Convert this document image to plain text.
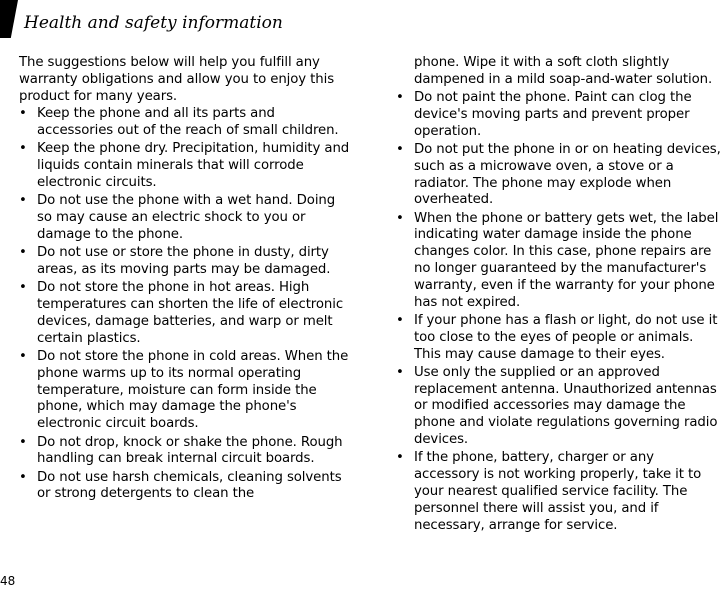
Health and safety information

The suggestions below will help you fulfill any warranty obligations and allow you to enjoy this product for many years.

• Keep the phone and all its parts and accessories out of the reach of small children.
• Keep the phone dry. Precipitation, humidity and liquids contain minerals that will corrode electronic circuits.
• Do not use the phone with a wet hand. Doing so may cause an electric shock to you or damage to the phone.
• Do not use or store the phone in dusty, dirty areas, as its moving parts may be damaged.
• Do not store the phone in hot areas. High temperatures can shorten the life of electronic devices, damage batteries, and warp or melt certain plastics.
• Do not store the phone in cold areas. When the phone warms up to its normal operating temperature, moisture can form inside the phone, which may damage the phone's electronic circuit boards.
• Do not drop, knock or shake the phone. Rough handling can break internal circuit boards.
• Do not use harsh chemicals, cleaning solvents or strong detergents to clean the

phone. Wipe it with a soft cloth slightly dampened in a mild soap-and-water solution.

• Do not paint the phone. Paint can clog the device's moving parts and prevent proper operation.
• Do not put the phone in or on heating devices, such as a microwave oven, a stove or a radiator. The phone may explode when overheated.
• When the phone or battery gets wet, the label indicating water damage inside the phone changes color. In this case, phone repairs are no longer guaranteed by the manufacturer's warranty, even if the warranty for your phone has not expired.
• If your phone has a flash or light, do not use it too close to the eyes of people or animals. This may cause damage to their eyes.
• Use only the supplied or an approved replacement antenna. Unauthorized antennas or modified accessories may damage the phone and violate regulations governing radio devices.
• If the phone, battery, charger or any accessory is not working properly, take it to your nearest qualified service facility. The personnel there will assist you, and if necessary, arrange for service.
48
